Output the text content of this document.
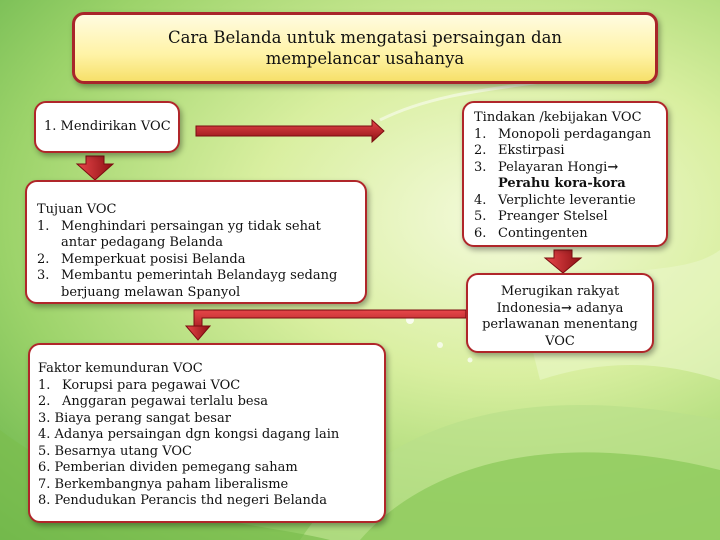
Cara Belanda untuk mengatasi persaingan dan mempelancar usahanya
1. Mendirikan VOC
Tujuan VOC
1. Menghindari persaingan yg tidak sehat antar pedagang Belanda
2. Memperkuat posisi Belanda
3. Membantu pemerintah Belandayg sedang berjuang melawan Spanyol
Tindakan /kebijakan VOC
1. Monopoli perdagangan
2. Ekstirpasi
3. Pelayaran Hongi→
Perahu kora-kora
4. Verplichte leverantie
5. Preanger Stelsel
6. Contingenten
Merugikan rakyat
Indonesia→ adanya
perlawanan menentang
VOC
Faktor kemunduran VOC
1. Korupsi para pegawai VOC
2. Anggaran pegawai terlalu besa
3. Biaya perang sangat besar
4. Adanya persaingan dgn kongsi dagang lain
5. Besarnya utang VOC
6. Pemberian dividen pemegang saham
7. Berkembangnya paham liberalisme
8. Pendudukan Perancis thd negeri Belanda
